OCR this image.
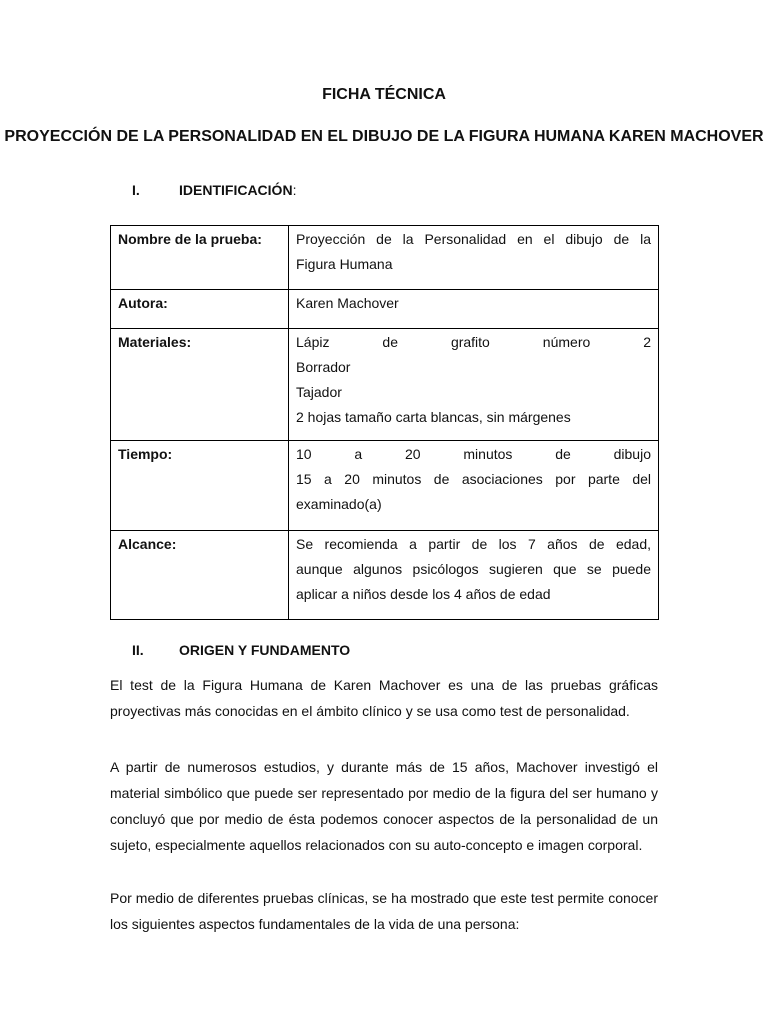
FICHA TÉCNICA
PROYECCIÓN DE LA PERSONALIDAD EN EL DIBUJO DE LA FIGURA HUMANA KAREN MACHOVER
I.	IDENTIFICACIÓN:
Nombre de la prueba:	Proyección de la Personalidad en el dibujo de la
Figura Humana

Autora:	Karen Machover

Materiales:	Lápiz de grafito número 2
Borrador
Tajador
2 hojas tamaño carta blancas, sin márgenes

Tiempo:	10 a 20 minutos de dibujo
15 a 20 minutos de asociaciones por parte del
examinado(a)

Alcance:	Se recomienda a partir de los 7 años de edad,
aunque algunos psicólogos sugieren que se puede
aplicar a niños desde los 4 años de edad
II.	ORIGEN Y FUNDAMENTO
El test de la Figura Humana de Karen Machover es una de las pruebas gráficas proyectivas más conocidas en el ámbito clínico y se usa como test de personalidad.
A partir de numerosos estudios, y durante más de 15 años, Machover investigó el material simbólico que puede ser representado por medio de la figura del ser humano y concluyó que por medio de ésta podemos conocer aspectos de la personalidad de un sujeto, especialmente aquellos relacionados con su auto-concepto e imagen corporal.
Por medio de diferentes pruebas clínicas, se ha mostrado que este test permite conocer los siguientes aspectos fundamentales de la vida de una persona:
